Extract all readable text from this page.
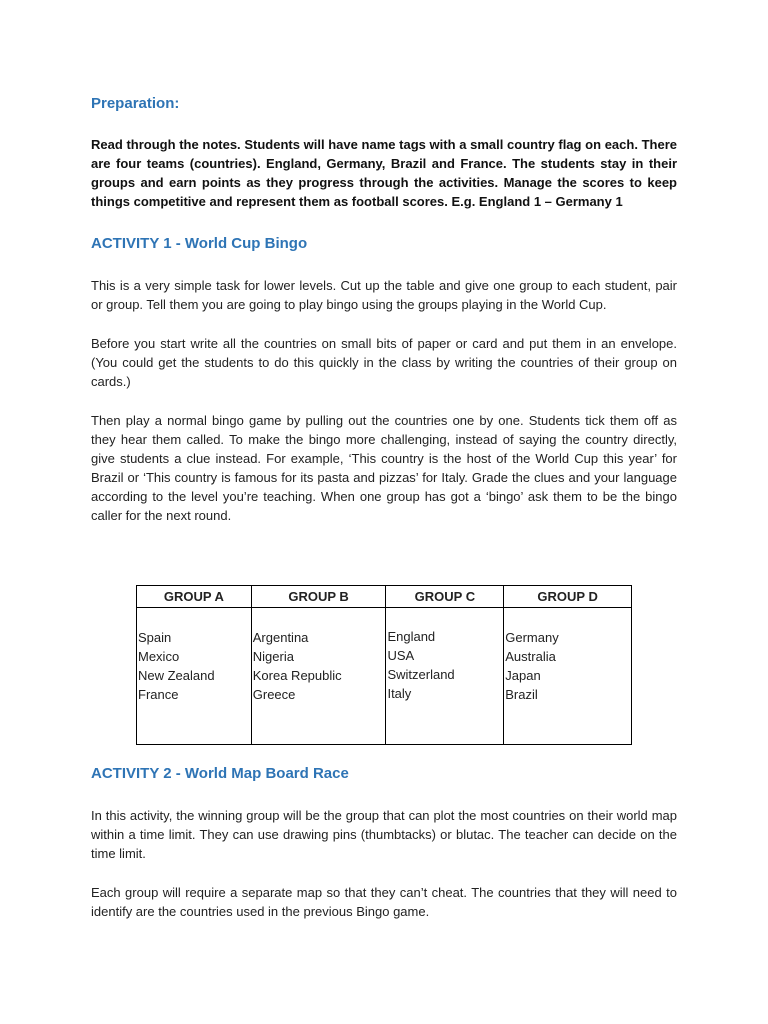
Preparation:

Read through the notes. Students will have name tags with a small country flag on each. There are four teams (countries). England, Germany, Brazil and France. The students stay in their groups and earn points as they progress through the activities. Manage the scores to keep things competitive and represent them as football scores. E.g. England 1 – Germany 1

ACTIVITY 1 - World Cup Bingo

This is a very simple task for lower levels. Cut up the table and give one group to each student, pair or group. Tell them you are going to play bingo using the groups playing in the World Cup.

Before you start write all the countries on small bits of paper or card and put them in an envelope. (You could get the students to do this quickly in the class by writing the countries of their group on cards.)

Then play a normal bingo game by pulling out the countries one by one. Students tick them off as they hear them called. To make the bingo more challenging, instead of saying the country directly, give students a clue instead. For example, ‘This country is the host of the World Cup this year’ for Brazil or ‘This country is famous for its pasta and pizzas’ for Italy. Grade the clues and your language according to the level you’re teaching. When one group has got a ‘bingo’ ask them to be the bingo caller for the next round.

GROUP A	GROUP B	GROUP C	GROUP D

Spain
Mexico
New Zealand
France	Argentina
Nigeria
Korea Republic
Greece	England
USA
Switzerland
Italy	Germany
Australia
Japan
Brazil
ACTIVITY 2 - World Map Board Race

In this activity, the winning group will be the group that can plot the most countries on their world map within a time limit. They can use drawing pins (thumbtacks) or blutac. The teacher can decide on the time limit.

Each group will require a separate map so that they can’t cheat. The countries that they will need to identify are the countries used in the previous Bingo game.
